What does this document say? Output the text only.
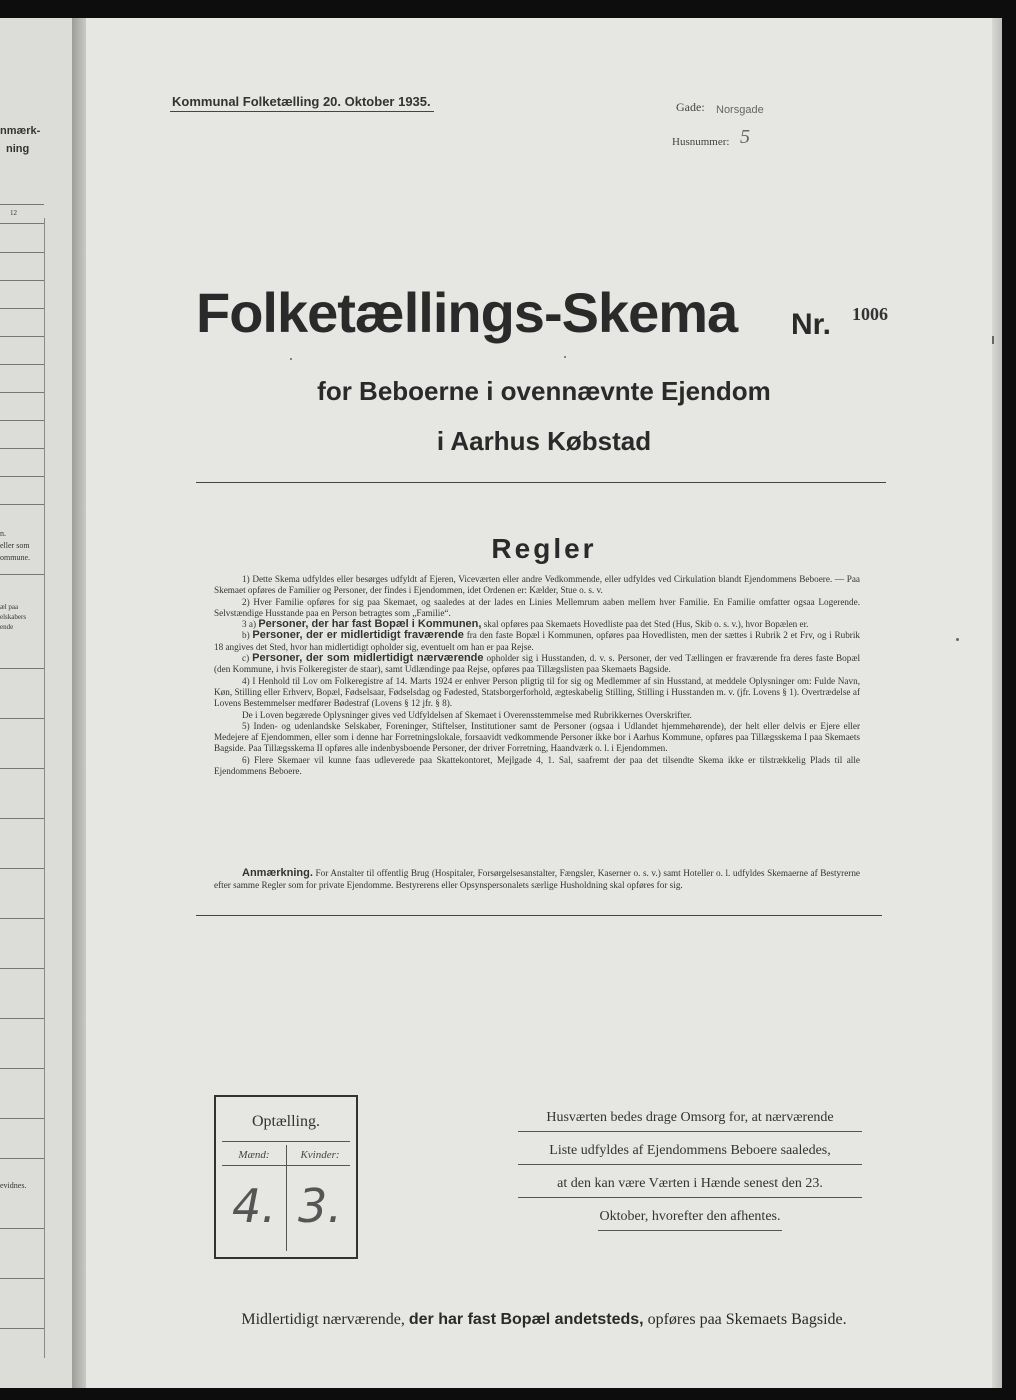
nmærk-
ning
12
n.
eller som
ommune.
æl paa
elskabers
ende
evidnes.
Kommunal Folketælling 20. Oktober 1935.	Gade: Norsgade
Husnummer: 5
Folketællings-Skema Nr. 1006
for Beboerne i ovennævnte Ejendom
i Aarhus Købstad
Regler

1) Dette Skema udfyldes eller besørges udfyldt af Ejeren, Viceværten eller andre Vedkommende, eller udfyldes ved Cirkulation blandt Ejendommens Beboere. — Paa Skemaet opføres de Familier og Personer, der findes i Ejendommen, idet Ordenen er: Kælder, Stue o. s. v.

2) Hver Familie opføres for sig paa Skemaet, og saaledes at der lades en Linies Mellemrum aaben mellem hver Familie. En Familie omfatter ogsaa Logerende. Selvstændige Husstande paa en Person betragtes som „Familie“.

3 a) Personer, der har fast Bopæl i Kommunen, skal opføres paa Skemaets Hovedliste paa det Sted (Hus, Skib o. s. v.), hvor Bopælen er.

b) Personer, der er midlertidigt fraværende fra den faste Bopæl i Kommunen, opføres paa Hovedlisten, men der sættes i Rubrik 2 et Frv, og i Rubrik 18 angives det Sted, hvor han midlertidigt opholder sig, eventuelt om han er paa Rejse.

c) Personer, der som midlertidigt nærværende opholder sig i Husstanden, d. v. s. Personer, der ved Tællingen er fraværende fra deres faste Bopæl (den Kommune, i hvis Folkeregister de staar), samt Udlændinge paa Rejse, opføres paa Tillægslisten paa Skemaets Bagside.

4) I Henhold til Lov om Folkeregistre af 14. Marts 1924 er enhver Person pligtig til for sig og Medlemmer af sin Husstand, at meddele Oplysninger om: Fulde Navn, Køn, Stilling eller Erhverv, Bopæl, Fødselsaar, Fødselsdag og Fødested, Statsborgerforhold, ægteskabelig Stilling, Stilling i Husstanden m. v. (jfr. Lovens § 1). Overtrædelse af Lovens Bestemmelser medfører Bødestraf (Lovens § 12 jfr. § 8).

De i Loven begærede Oplysninger gives ved Udfyldelsen af Skemaet i Overensstemmelse med Rubrikkernes Overskrifter.

5) Inden- og udenlandske Selskaber, Foreninger, Stiftelser, Institutioner samt de Personer (ogsaa i Udlandet hjemmehørende), der helt eller delvis er Ejere eller Medejere af Ejendommen, eller som i denne har Forretningslokale, forsaavidt vedkommende Personer ikke bor i Aarhus Kommune, opføres paa Tillægsskema I paa Skemaets Bagside. Paa Tillægsskema II opføres alle indenbysboende Personer, der driver Forretning, Haandværk o. l. i Ejendommen.

6) Flere Skemaer vil kunne faas udleverede paa Skattekontoret, Mejlgade 4, 1. Sal, saafremt der paa det tilsendte Skema ikke er tilstrækkelig Plads til alle Ejendommens Beboere.

Anmærkning. For Anstalter til offentlig Brug (Hospitaler, Forsørgelsesanstalter, Fængsler, Kaserner o. s. v.) samt Hoteller o. l. udfyldes Skemaerne af Bestyrerne efter samme Regler som for private Ejendomme. Bestyrerens eller Opsynspersonalets særlige Husholdning skal opføres for sig.

Optælling.
Mænd:	Kvinder:
4. 3.
Husværten bedes drage Omsorg for, at nærværende
Liste udfyldes af Ejendommens Beboere saaledes,
at den kan være Værten i Hænde senest den 23.
Oktober, hvorefter den afhentes.
Midlertidigt nærværende, der har fast Bopæl andetsteds, opføres paa Skemaets Bagside.
